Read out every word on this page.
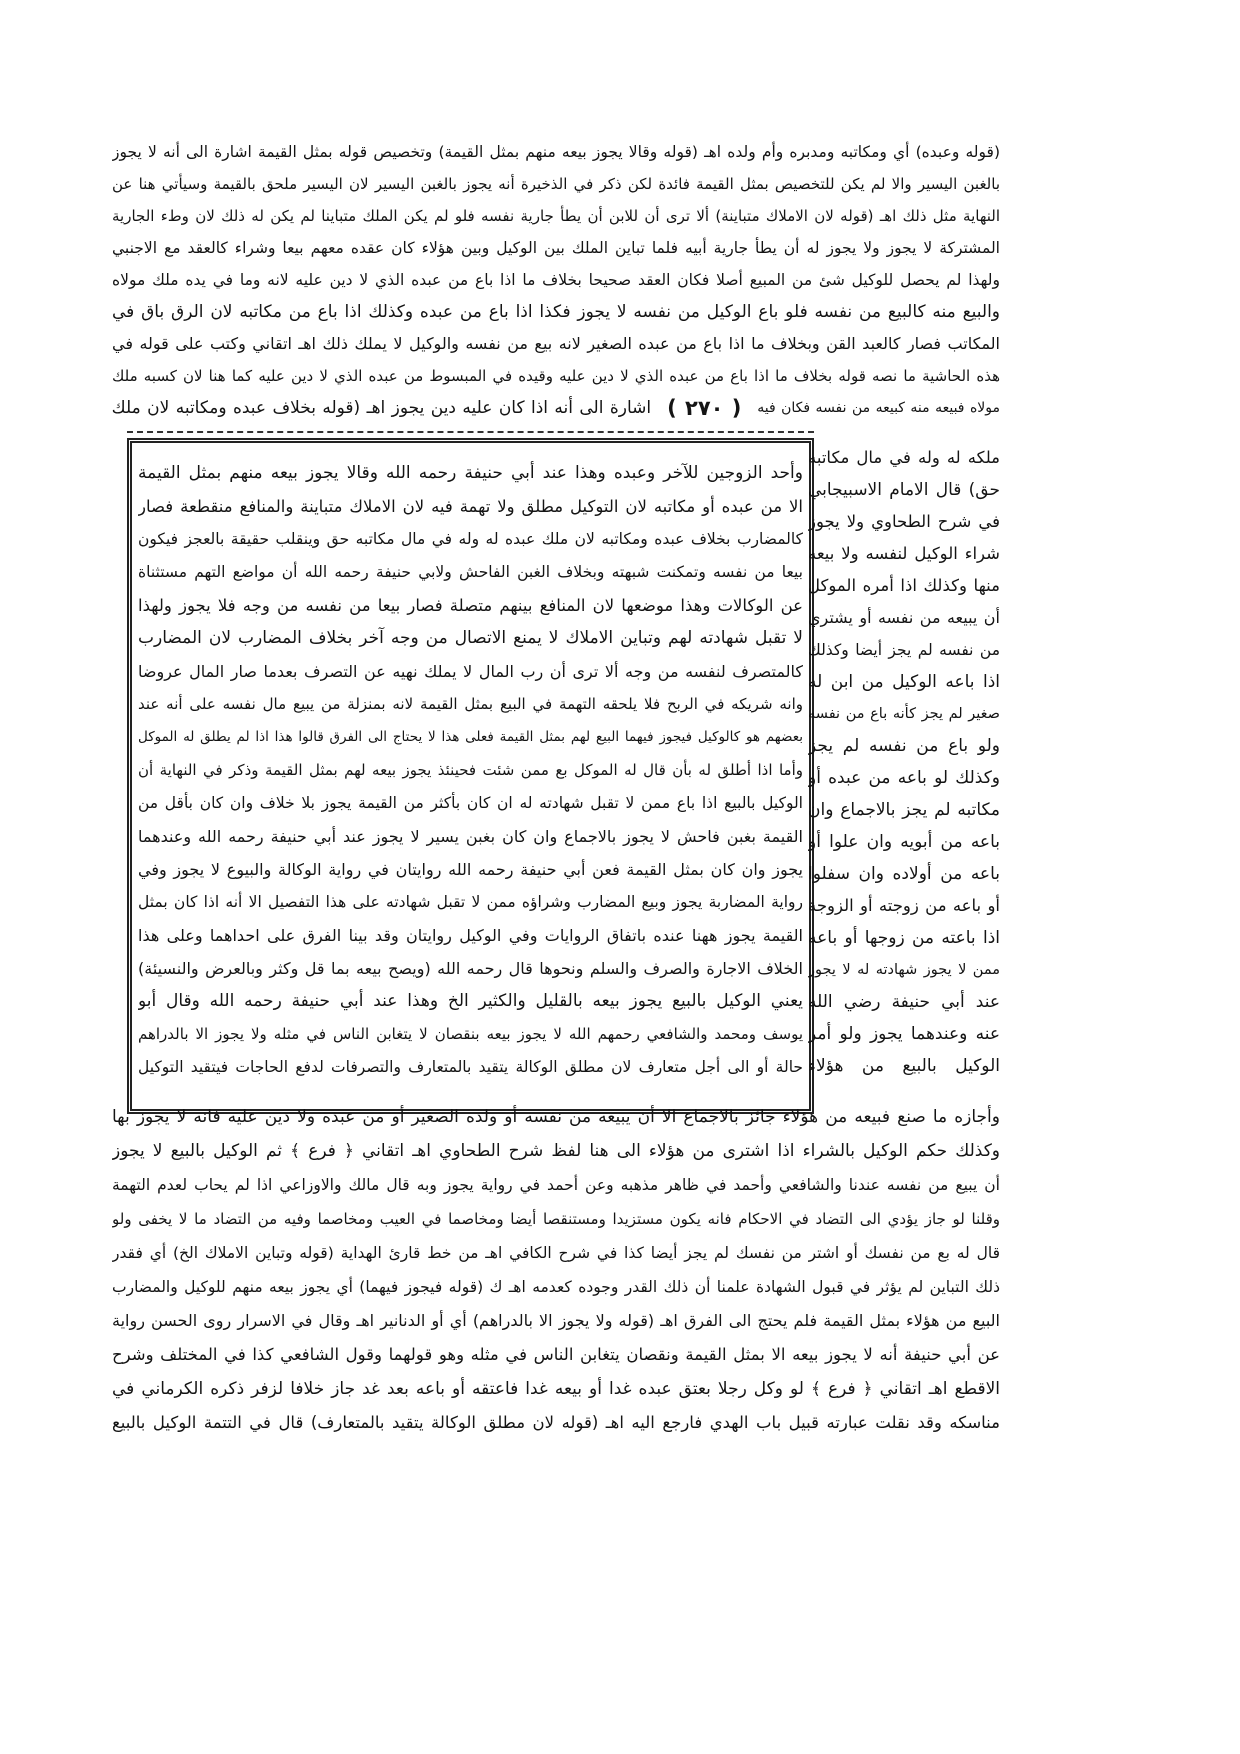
(قوله وعبده) أي ومكاتبه ومدبره وأم ولده اهـ (قوله وقالا يجوز بيعه منهم بمثل القيمة) وتخصيص قوله بمثل القيمة اشارة الى أنه لا يجوز
بالغبن اليسير والا لم يكن للتخصيص بمثل القيمة فائدة لكن ذكر في الذخيرة أنه يجوز بالغبن اليسير لان اليسير ملحق بالقيمة وسيأتي هنا عن
النهاية مثل ذلك اهـ (قوله لان الاملاك متباينة) ألا ترى أن للابن أن يطأ جارية نفسه فلو لم يكن الملك متباينا لم يكن له ذلك لان وطء الجارية
المشتركة لا يجوز ولا يجوز له أن يطأ جارية أبيه فلما تباين الملك بين الوكيل وبين هؤلاء كان عقده معهم بيعا وشراء كالعقد مع الاجنبي
ولهذا لم يحصل للوكيل شئ من المبيع أصلا فكان العقد صحيحا بخلاف ما اذا باع من عبده الذي لا دين عليه لانه وما في يده ملك مولاه
والبيع منه كالبيع من نفسه فلو باع الوكيل من نفسه لا يجوز فكذا اذا باع من عبده وكذلك اذا باع من مكاتبه لان الرق باق في
المكاتب فصار كالعبد القن وبخلاف ما اذا باع من عبده الصغير لانه بيع من نفسه والوكيل لا يملك ذلك اهـ اتقاني وكتب على قوله في
هذه الحاشية ما نصه قوله بخلاف ما اذا باع من عبده الذي لا دين عليه وقيده في المبسوط من عبده الذي لا دين عليه كما هنا لان كسبه ملك
مولاه فبيعه منه كبيعه من نفسه فكان فيه
( ٢٧٠ )
اشارة الى أنه اذا كان عليه دين يجوز اهـ (قوله بخلاف عبده ومكاتبه لان ملك
وأحد الزوجين للآخر وعبده وهذا عند أبي حنيفة رحمه الله وقالا يجوز بيعه منهم بمثل القيمة
الا من عبده أو مكاتبه لان التوكيل مطلق ولا تهمة فيه لان الاملاك متباينة والمنافع منقطعة فصار
كالمضارب بخلاف عبده ومكاتبه لان ملك عبده له وله في مال مكاتبه حق وينقلب حقيقة بالعجز فيكون
بيعا من نفسه وتمكنت شبهته وبخلاف الغبن الفاحش ولابي حنيفة رحمه الله أن مواضع التهم مستثناة
عن الوكالات وهذا موضعها لان المنافع بينهم متصلة فصار بيعا من نفسه من وجه فلا يجوز ولهذا
لا تقبل شهادته لهم وتباين الاملاك لا يمنع الاتصال من وجه آخر بخلاف المضارب لان المضارب
كالمتصرف لنفسه من وجه ألا ترى أن رب المال لا يملك نهيه عن التصرف بعدما صار المال عروضا
وانه شريكه في الربح فلا يلحقه التهمة في البيع بمثل القيمة لانه بمنزلة من يبيع مال نفسه على أنه عند
بعضهم هو كالوكيل فيجوز فيهما البيع لهم بمثل القيمة فعلى هذا لا يحتاج الى الفرق قالوا هذا اذا لم يطلق له الموكل
وأما اذا أطلق له بأن قال له الموكل بع ممن شئت فحينئذ يجوز بيعه لهم بمثل القيمة وذكر في النهاية أن
الوكيل بالبيع اذا باع ممن لا تقبل شهادته له ان كان بأكثر من القيمة يجوز بلا خلاف وان كان بأقل من
القيمة بغبن فاحش لا يجوز بالاجماع وان كان بغبن يسير لا يجوز عند أبي حنيفة رحمه الله وعندهما
يجوز وان كان بمثل القيمة فعن أبي حنيفة رحمه الله روايتان في رواية الوكالة والبيوع لا يجوز وفي
رواية المضاربة يجوز وبيع المضارب وشراؤه ممن لا تقبل شهادته على هذا التفصيل الا أنه اذا كان بمثل
القيمة يجوز ههنا عنده باتفاق الروايات وفي الوكيل روايتان وقد بينا الفرق على احداهما وعلى هذا
الخلاف الاجارة والصرف والسلم ونحوها قال رحمه الله (ويصح بيعه بما قل وكثر وبالعرض والنسيئة)
يعني الوكيل بالبيع يجوز بيعه بالقليل والكثير الخ وهذا عند أبي حنيفة رحمه الله وقال أبو
يوسف ومحمد والشافعي رحمهم الله لا يجوز بيعه بنقصان لا يتغابن الناس في مثله ولا يجوز الا بالدراهم
حالة أو الى أجل متعارف لان مطلق الوكالة يتقيد بالمتعارف والتصرفات لدفع الحاجات فيتقيد التوكيل
ملكه له وله في مال مكاتبه
حق) قال الامام الاسبيجابي
في شرح الطحاوي ولا يجوز
شراء الوكيل لنفسه ولا بيعه
منها وكذلك اذا أمره الموكل
أن يبيعه من نفسه أو يشتري
من نفسه لم يجز أيضا وكذلك
اذا باعه الوكيل من ابن له
صغير لم يجز كأنه باع من نفسه
ولو باع من نفسه لم يجز
وكذلك لو باعه من عبده أو
مكاتبه لم يجز بالاجماع وان
باعه من أبويه وان علوا أو
باعه من أولاده وان سفلوا
أو باعه من زوجته أو الزوجة
اذا باعته من زوجها أو باعه
ممن لا يجوز شهادته له لا يجوز
عند أبي حنيفة رضي الله
عنه وعندهما يجوز ولو أمر
الوكيل بالبيع من هؤلاء
وأجازه ما صنع فبيعه من هؤلاء جائز بالاجماع الا أن يبيعه من نفسه أو ولده الصغير أو من عبده ولا دين عليه فانه لا يجوز بها
وكذلك حكم الوكيل بالشراء اذا اشترى من هؤلاء الى هنا لفظ شرح الطحاوي اهـ اتقاني ﴿ فرع ﴾ ثم الوكيل بالبيع لا يجوز
أن يبيع من نفسه عندنا والشافعي وأحمد في ظاهر مذهبه وعن أحمد في رواية يجوز وبه قال مالك والاوزاعي اذا لم يحاب لعدم التهمة
وقلنا لو جاز يؤدي الى التضاد في الاحكام فانه يكون مستزيدا ومستنقصا أيضا ومخاصما في العيب ومخاصما وفيه من التضاد ما لا يخفى ولو
قال له بع من نفسك أو اشتر من نفسك لم يجز أيضا كذا في شرح الكافي اهـ من خط قارئ الهداية (قوله وتباين الاملاك الخ) أي فقدر
ذلك التباين لم يؤثر في قبول الشهادة علمنا أن ذلك القدر وجوده كعدمه اهـ ك (قوله فيجوز فيهما) أي يجوز بيعه منهم للوكيل والمضارب
البيع من هؤلاء بمثل القيمة فلم يحتج الى الفرق اهـ (قوله ولا يجوز الا بالدراهم) أي أو الدنانير اهـ وقال في الاسرار روى الحسن رواية
عن أبي حنيفة أنه لا يجوز بيعه الا بمثل القيمة ونقصان يتغابن الناس في مثله وهو قولهما وقول الشافعي كذا في المختلف وشرح
الاقطع اهـ اتقاني ﴿ فرع ﴾ لو وكل رجلا بعتق عبده غدا أو بيعه غدا فاعتقه أو باعه بعد غد جاز خلافا لزفر ذكره الكرماني في
مناسكه وقد نقلت عبارته قبيل باب الهدي فارجع اليه اهـ (قوله لان مطلق الوكالة يتقيد بالمتعارف) قال في التتمة الوكيل بالبيع
